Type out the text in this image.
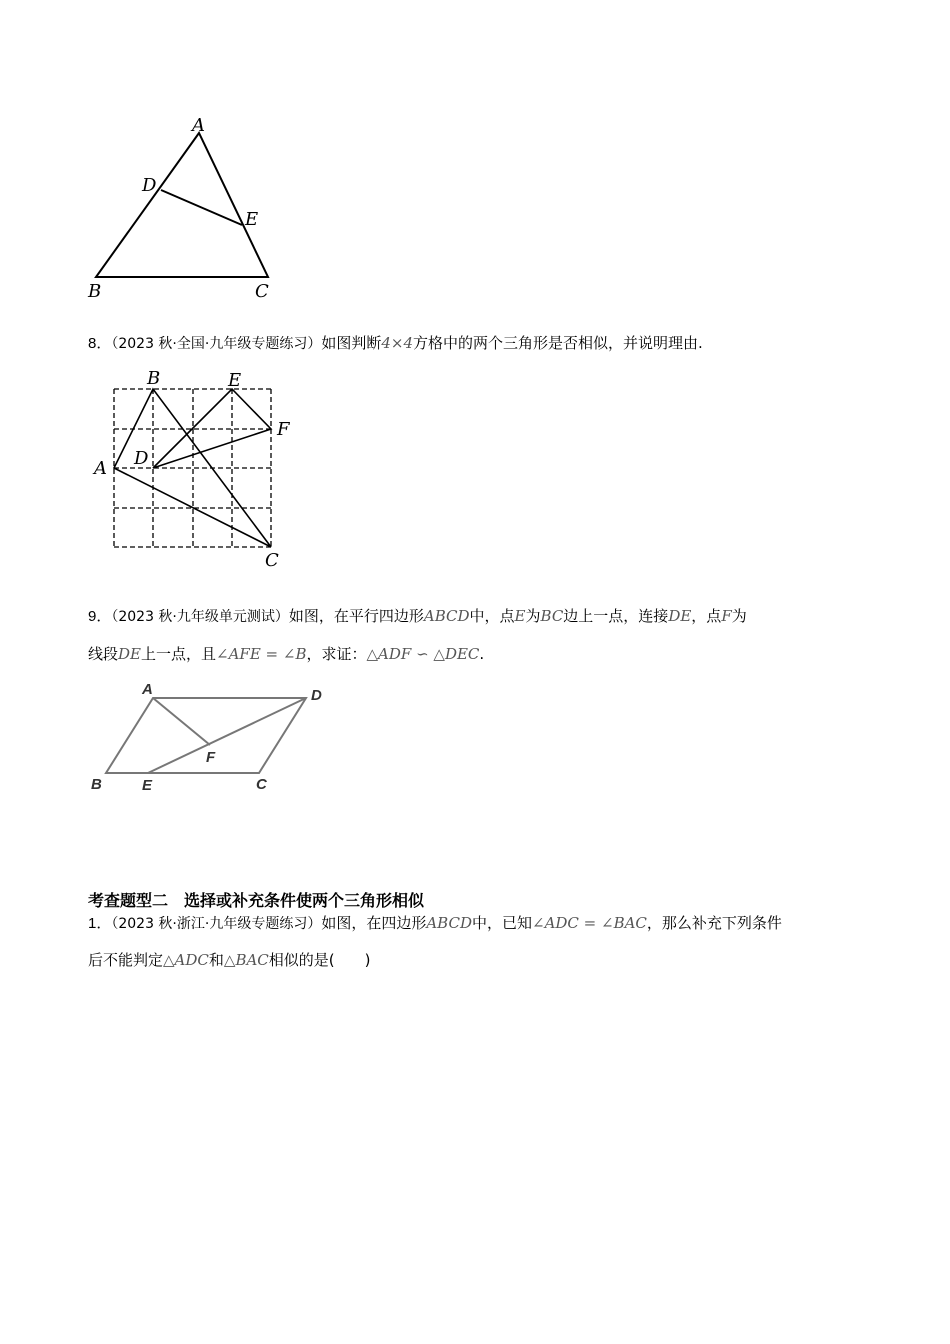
A
D
E
B	C
8．（2023 秋·全国·九年级专题练习）如图判断4×4方格中的两个三角形是否相似，并说明理由.
B	E
F
D
A
C
9．（2023 秋·九年级单元测试）如图，在平行四边形ABCD中，点E为BC边上一点，连接DE，点F为
线段DE上一点，且∠AFE = ∠B，求证：△ADF ∽ △DEC.
A	D
F
B	E	C
考查题型二　选择或补充条件使两个三角形相似
1．（2023 秋·浙江·九年级专题练习）如图，在四边形ABCD中，已知∠ADC = ∠BAC，那么补充下列条件
后不能判定△ADC和△BAC相似的是(　　)
